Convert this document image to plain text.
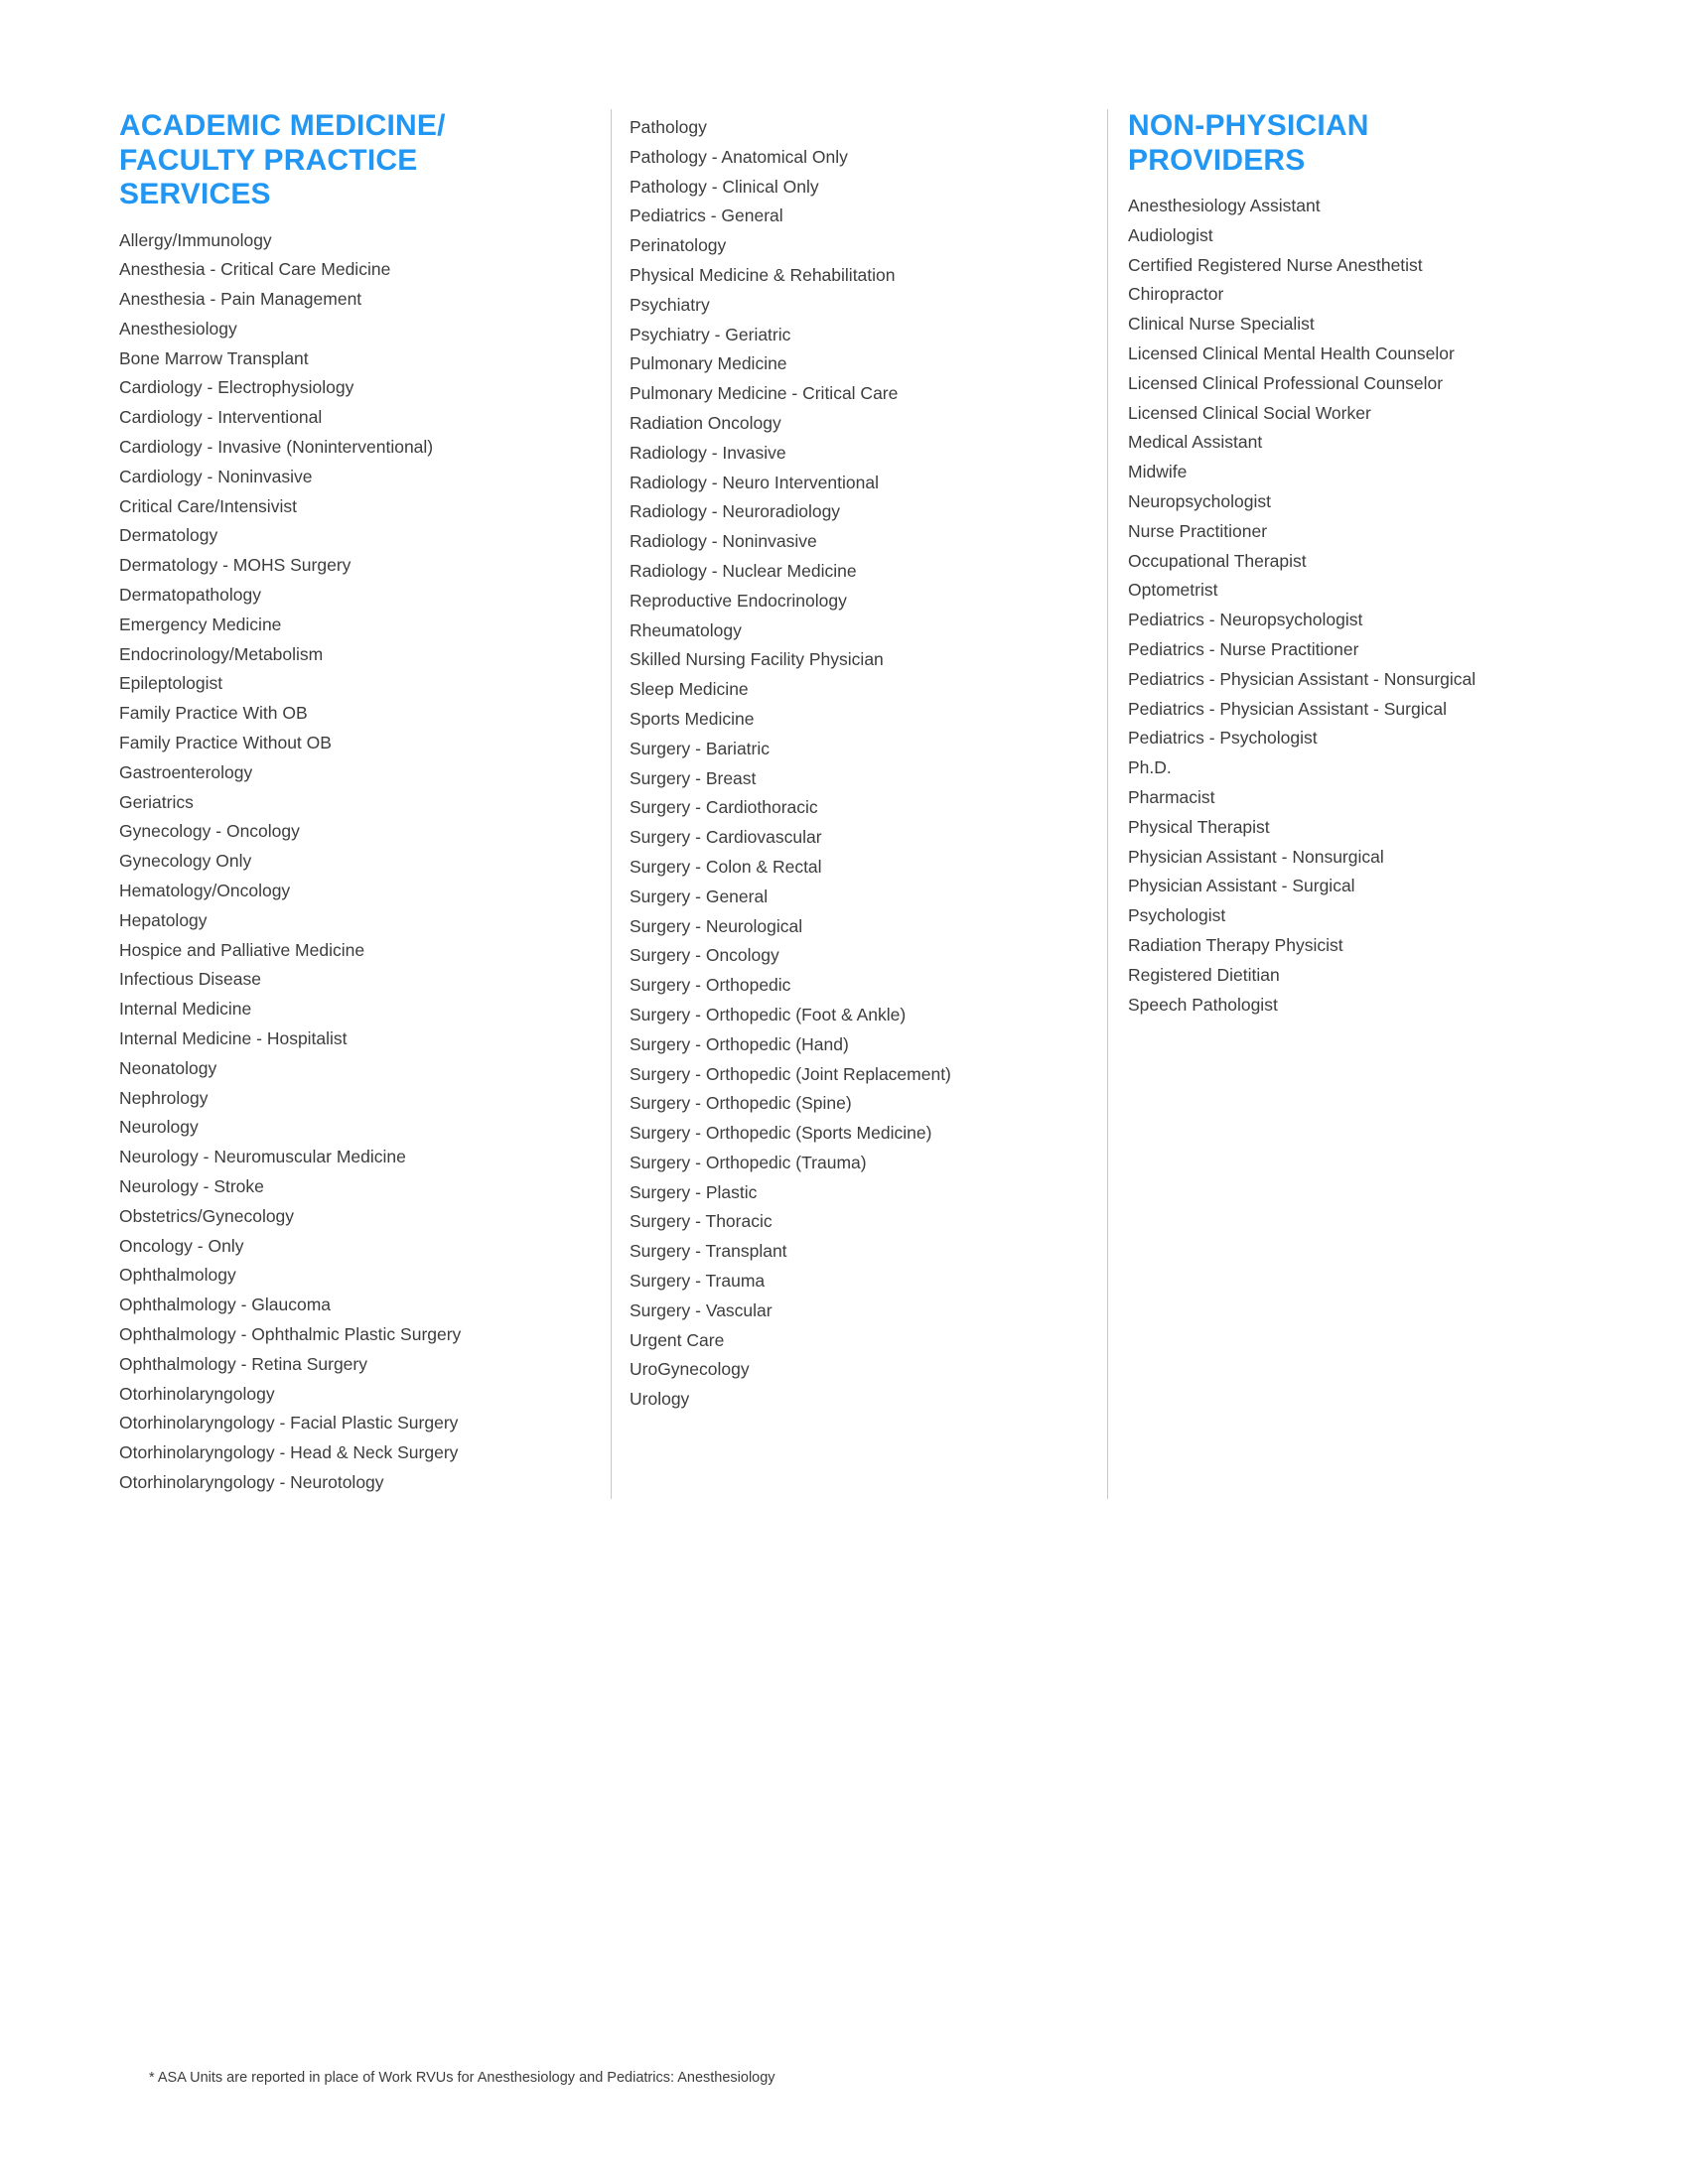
ACADEMIC MEDICINE/
FACULTY PRACTICE
SERVICES
Allergy/Immunology
Anesthesia - Critical Care Medicine
Anesthesia - Pain Management
Anesthesiology
Bone Marrow Transplant
Cardiology - Electrophysiology
Cardiology - Interventional
Cardiology - Invasive (Noninterventional)
Cardiology - Noninvasive
Critical Care/Intensivist
Dermatology
Dermatology - MOHS Surgery
Dermatopathology
Emergency Medicine
Endocrinology/Metabolism
Epileptologist
Family Practice With OB
Family Practice Without OB
Gastroenterology
Geriatrics
Gynecology - Oncology
Gynecology Only
Hematology/Oncology
Hepatology
Hospice and Palliative Medicine
Infectious Disease
Internal Medicine
Internal Medicine - Hospitalist
Neonatology
Nephrology
Neurology
Neurology - Neuromuscular Medicine
Neurology - Stroke
Obstetrics/Gynecology
Oncology - Only
Ophthalmology
Ophthalmology - Glaucoma
Ophthalmology - Ophthalmic Plastic Surgery
Ophthalmology - Retina Surgery
Otorhinolaryngology
Otorhinolaryngology - Facial Plastic Surgery
Otorhinolaryngology - Head & Neck Surgery
Otorhinolaryngology - Neurotology
Pathology
Pathology - Anatomical Only
Pathology - Clinical Only
Pediatrics - General
Perinatology
Physical Medicine & Rehabilitation
Psychiatry
Psychiatry - Geriatric
Pulmonary Medicine
Pulmonary Medicine - Critical Care
Radiation Oncology
Radiology - Invasive
Radiology - Neuro Interventional
Radiology - Neuroradiology
Radiology - Noninvasive
Radiology - Nuclear Medicine
Reproductive Endocrinology
Rheumatology
Skilled Nursing Facility Physician
Sleep Medicine
Sports Medicine
Surgery - Bariatric
Surgery - Breast
Surgery - Cardiothoracic
Surgery - Cardiovascular
Surgery - Colon & Rectal
Surgery - General
Surgery - Neurological
Surgery - Oncology
Surgery - Orthopedic
Surgery - Orthopedic (Foot & Ankle)
Surgery - Orthopedic (Hand)
Surgery - Orthopedic (Joint Replacement)
Surgery - Orthopedic (Spine)
Surgery - Orthopedic (Sports Medicine)
Surgery - Orthopedic (Trauma)
Surgery - Plastic
Surgery - Thoracic
Surgery - Transplant
Surgery - Trauma
Surgery - Vascular
Urgent Care
UroGynecology
Urology
NON-PHYSICIAN
PROVIDERS
Anesthesiology Assistant
Audiologist
Certified Registered Nurse Anesthetist
Chiropractor
Clinical Nurse Specialist
Licensed Clinical Mental Health Counselor
Licensed Clinical Professional Counselor
Licensed Clinical Social Worker
Medical Assistant
Midwife
Neuropsychologist
Nurse Practitioner
Occupational Therapist
Optometrist
Pediatrics - Neuropsychologist
Pediatrics - Nurse Practitioner
Pediatrics - Physician Assistant - Nonsurgical
Pediatrics - Physician Assistant - Surgical
Pediatrics - Psychologist
Ph.D.
Pharmacist
Physical Therapist
Physician Assistant - Nonsurgical
Physician Assistant - Surgical
Psychologist
Radiation Therapy Physicist
Registered Dietitian
Speech Pathologist
* ASA Units are reported in place of Work RVUs for Anesthesiology and Pediatrics: Anesthesiology
